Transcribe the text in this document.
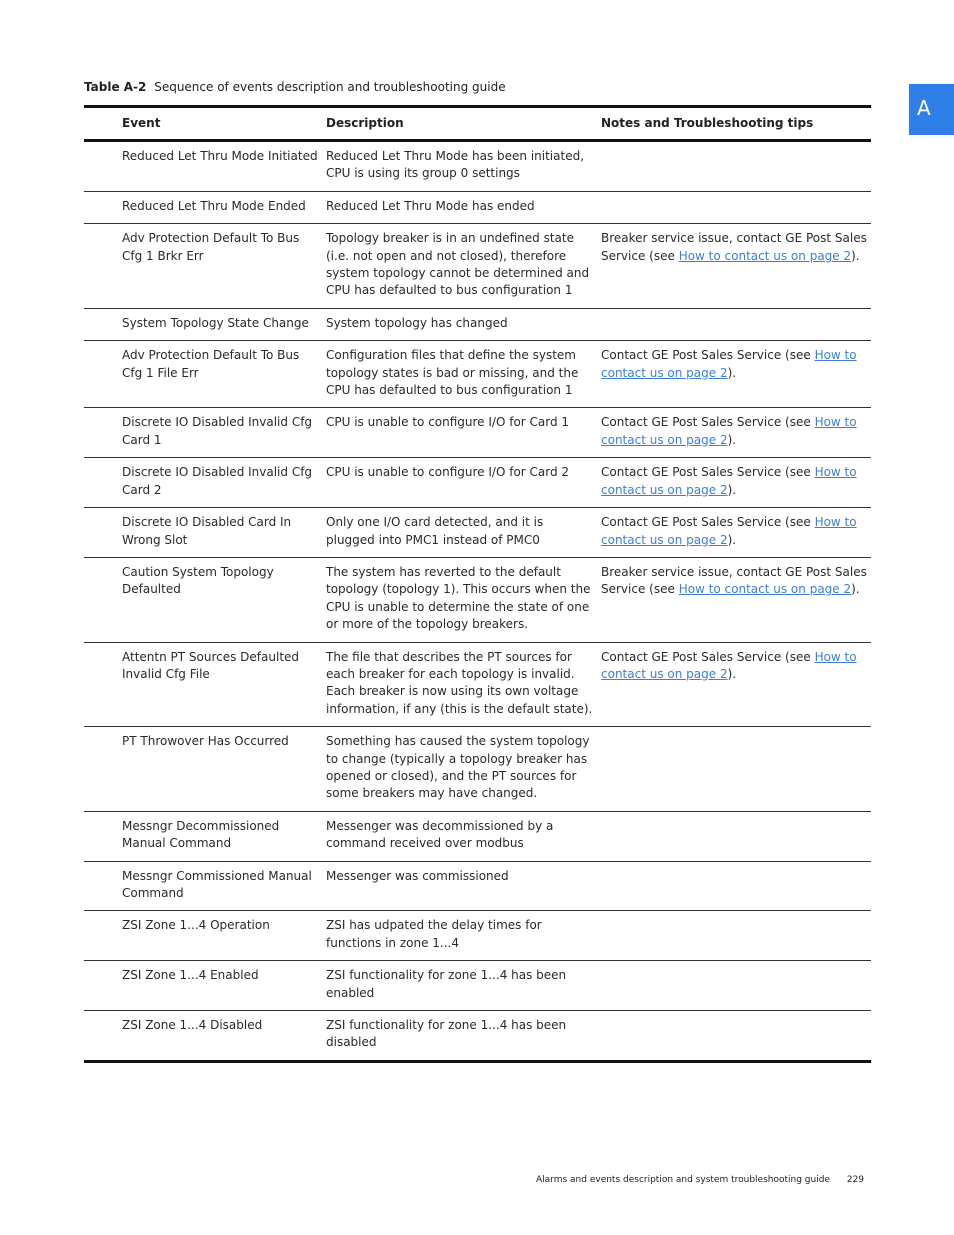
Table A-2 Sequence of events description and troubleshooting guide
A
Event	Description	Notes and Troubleshooting tips
Reduced Let Thru Mode Initiated	Reduced Let Thru Mode has been initiated, CPU is using its group 0 settings	
Reduced Let Thru Mode Ended	Reduced Let Thru Mode has ended	
Adv Protection Default To Bus Cfg 1 Brkr Err	Topology breaker is in an undefined state (i.e. not open and not closed), therefore system topology cannot be determined and CPU has defaulted to bus configuration 1	Breaker service issue, contact GE Post Sales Service (see How to contact us on page 2).
System Topology State Change	System topology has changed	
Adv Protection Default To Bus Cfg 1 File Err	Configuration files that define the system topology states is bad or missing, and the CPU has defaulted to bus configuration 1	Contact GE Post Sales Service (see How to contact us on page 2).
Discrete IO Disabled Invalid Cfg Card 1	CPU is unable to configure I/O for Card 1	Contact GE Post Sales Service (see How to contact us on page 2).
Discrete IO Disabled Invalid Cfg Card 2	CPU is unable to configure I/O for Card 2	Contact GE Post Sales Service (see How to contact us on page 2).
Discrete IO Disabled Card In Wrong Slot	Only one I/O card detected, and it is plugged into PMC1 instead of PMC0	Contact GE Post Sales Service (see How to contact us on page 2).
Caution System Topology Defaulted	The system has reverted to the default topology (topology 1). This occurs when the CPU is unable to determine the state of one or more of the topology breakers.	Breaker service issue, contact GE Post Sales Service (see How to contact us on page 2).
Attentn PT Sources Defaulted Invalid Cfg File	The file that describes the PT sources for each breaker for each topology is invalid. Each breaker is now using its own voltage information, if any (this is the default state).	Contact GE Post Sales Service (see How to contact us on page 2).
PT Throwover Has Occurred	Something has caused the system topology to change (typically a topology breaker has opened or closed), and the PT sources for some breakers may have changed.	
Messngr Decommissioned Manual Command	Messenger was decommissioned by a command received over modbus	
Messngr Commissioned Manual Command	Messenger was commissioned	
ZSI Zone 1...4 Operation	ZSI has udpated the delay times for functions in zone 1...4	
ZSI Zone 1...4 Enabled	ZSI functionality for zone 1...4 has been enabled	
ZSI Zone 1...4 Disabled	ZSI functionality for zone 1...4 has been disabled	
Alarms and events description and system troubleshooting guide 229
